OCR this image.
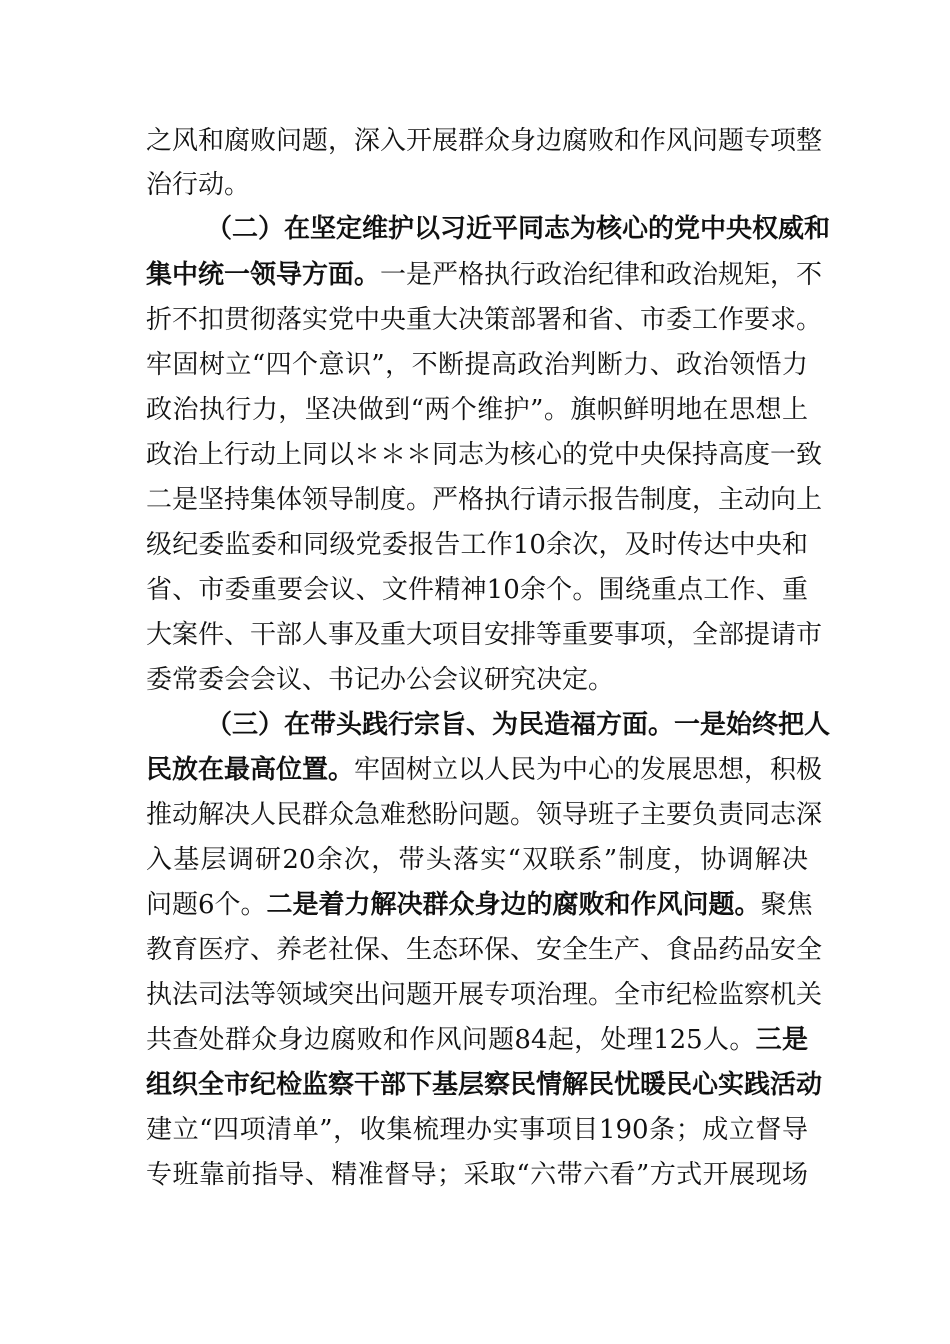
之风和腐败问题，深入开展群众身边腐败和作风问题专项整
治行动。
（二）在坚定维护以习近平同志为核心的党中央权威和
集中统一领导方面。一是严格执行政治纪律和政治规矩，不
折不扣贯彻落实党中央重大决策部署和省、市委工作要求。
牢固树立“四个意识”，不断提高政治判断力、政治领悟力
政治执行力，坚决做到“两个维护”。旗帜鲜明地在思想上
政治上行动上同以＊＊＊同志为核心的党中央保持高度一致
二是坚持集体领导制度。严格执行请示报告制度，主动向上
级纪委监委和同级党委报告工作10余次，及时传达中央和
省、市委重要会议、文件精神10余个。围绕重点工作、重
大案件、干部人事及重大项目安排等重要事项，全部提请市
委常委会会议、书记办公会议研究决定。
（三）在带头践行宗旨、为民造福方面。一是始终把人
民放在最高位置。牢固树立以人民为中心的发展思想，积极
推动解决人民群众急难愁盼问题。领导班子主要负责同志深
入基层调研20余次，带头落实“双联系”制度，协调解决
问题6个。二是着力解决群众身边的腐败和作风问题。聚焦
教育医疗、养老社保、生态环保、安全生产、食品药品安全
执法司法等领域突出问题开展专项治理。全市纪检监察机关
共查处群众身边腐败和作风问题84起，处理125人。三是
组织全市纪检监察干部下基层察民情解民忧暖民心实践活动
建立“四项清单”，收集梳理办实事项目190条；成立督导
专班靠前指导、精准督导；采取“六带六看”方式开展现场
